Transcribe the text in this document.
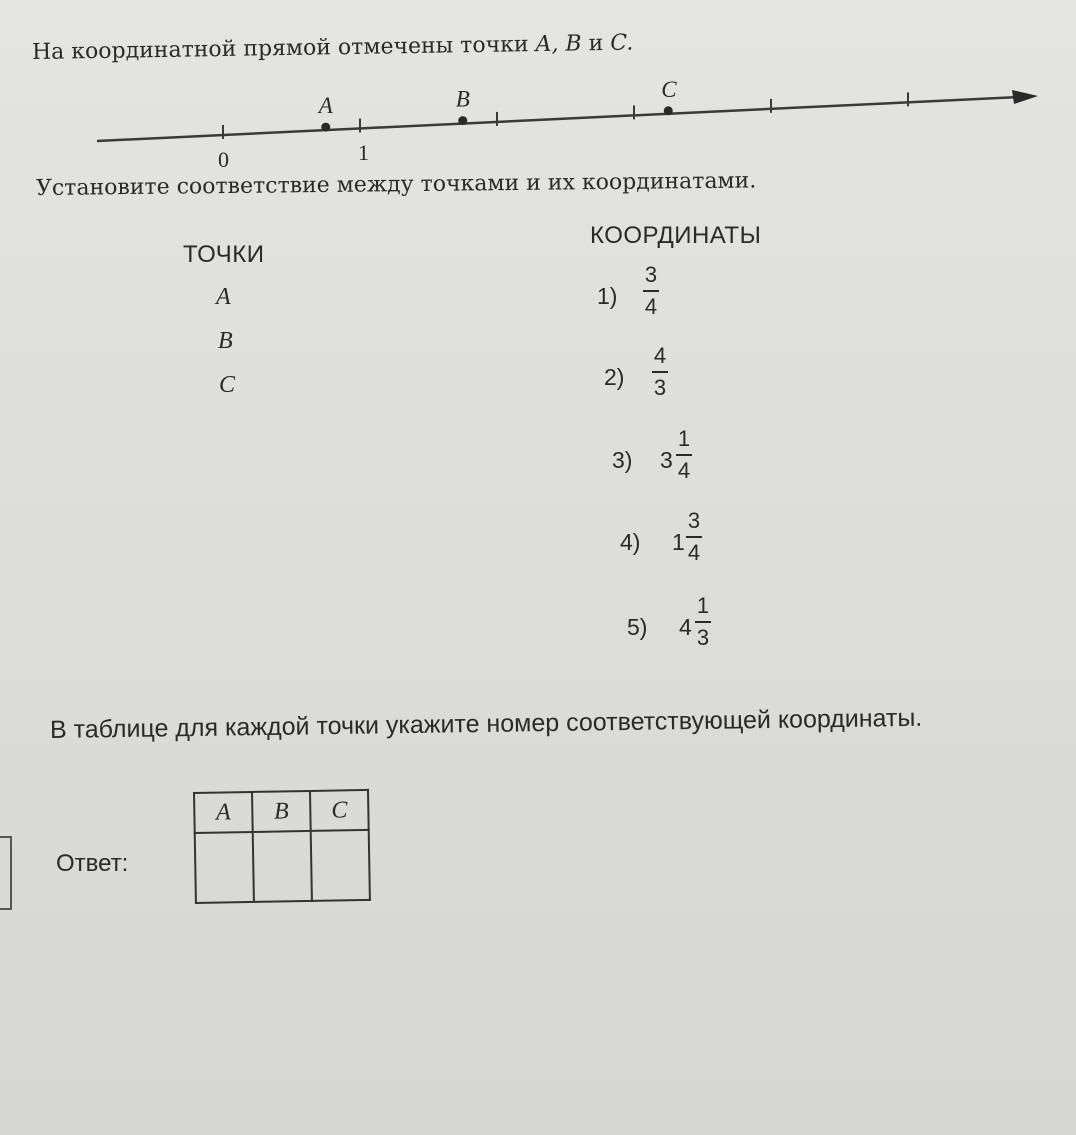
На координатной прямой отмечены точки A, B и C.
A	B	C
0	1
Установите соответствие между точками и их координатами.
ТОЧКИ
КООРДИНАТЫ
A
B
C
1)
3
4
2)
4
3
3) 3
1
4
4) 1
3
4
5) 4
1
3
В таблице для каждой точки укажите номер соответствующей координаты.
Ответ:
A	B	C
